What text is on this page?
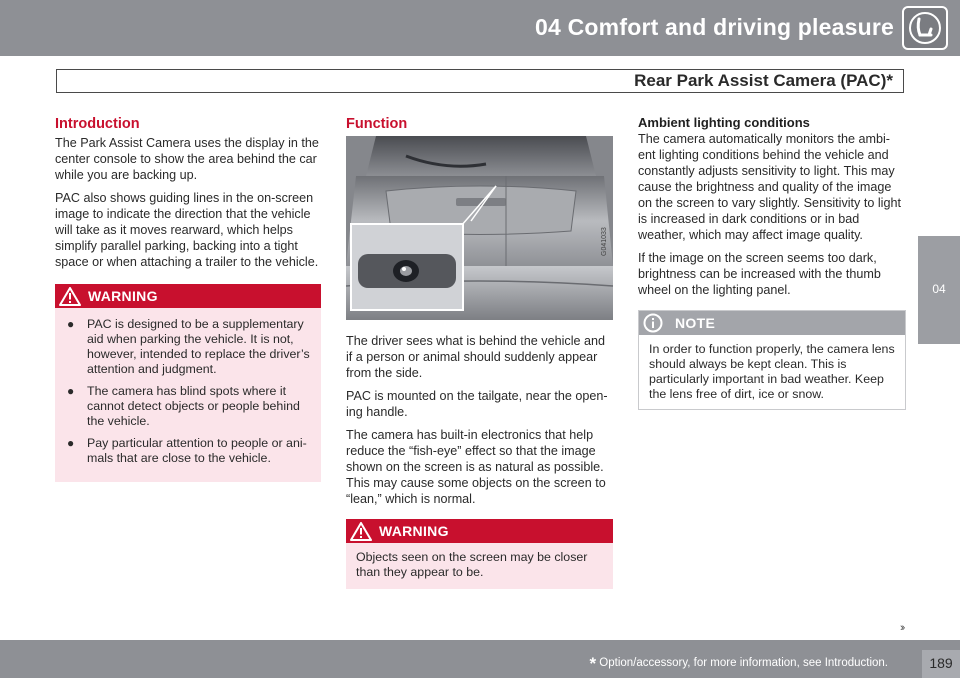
04 Comfort and driving pleasure
Rear Park Assist Camera (PAC)*
04
Introduction

The Park Assist Camera uses the display in the center console to show the area behind the car while you are backing up.

PAC also shows guiding lines in the on-screen image to indicate the direction that the vehicle will take as it moves rearward, which helps simplify parallel parking, backing into a tight space or when attaching a trailer to the vehicle.

WARNING
● PAC is designed to be a supplementary aid when parking the vehicle. It is not, however, intended to replace the driver’s attention and judgment.
● The camera has blind spots where it cannot detect objects or people behind the vehicle.
● Pay particular attention to people or ani-mals that are close to the vehicle.
Function
G041033

The driver sees what is behind the vehicle and if a person or animal should suddenly appear from the side.

PAC is mounted on the tailgate, near the open-ing handle.

The camera has built-in electronics that help reduce the “fish-eye” effect so that the image shown on the screen is as natural as possible. This may cause some objects on the screen to “lean,” which is normal.

WARNING
Objects seen on the screen may be closer than they appear to be.
Ambient lighting conditions

The camera automatically monitors the ambi-ent lighting conditions behind the vehicle and constantly adjusts sensitivity to light. This may cause the brightness and quality of the image on the screen to vary slightly. Sensitivity to light is increased in dark conditions or in bad weather, which may affect image quality.

If the image on the screen seems too dark, brightness can be increased with the thumb wheel on the lighting panel.

NOTE
In order to function properly, the camera lens should always be kept clean. This is particularly important in bad weather. Keep the lens free of dirt, ice or snow.
››
* Option/accessory, for more information, see Introduction.	189
